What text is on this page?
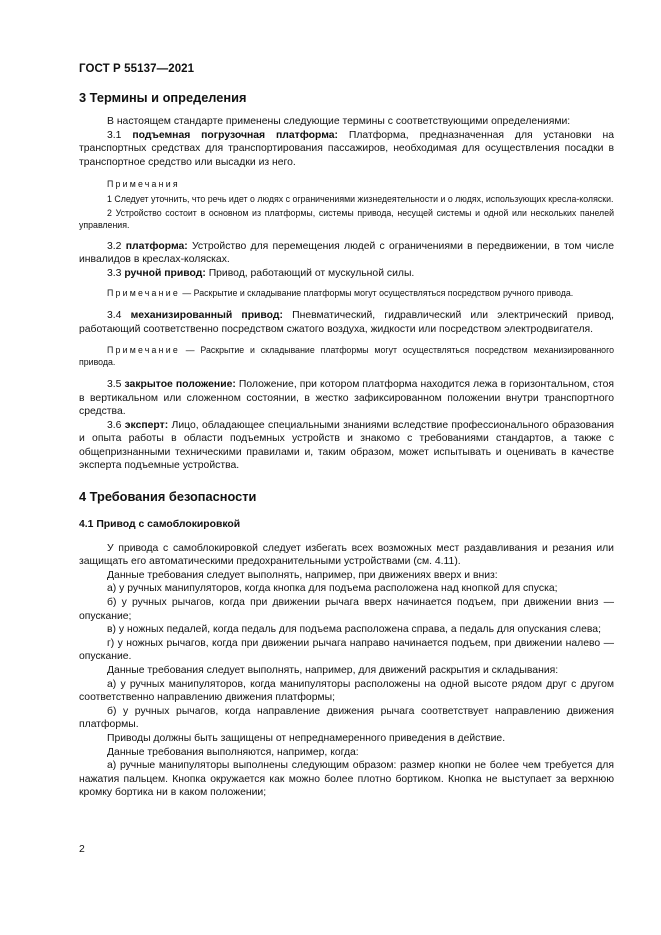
ГОСТ Р 55137—2021

3 Термины и определения

В настоящем стандарте применены следующие термины с соответствующими определениями:

3.1 подъемная погрузочная платформа: Платформа, предназначенная для установки на транспортных средствах для транспортирования пассажиров, необходимая для осуществления посадки в транспортное средство или высадки из него.

Примечания

1 Следует уточнить, что речь идет о людях с ограничениями жизнедеятельности и о людях, использующих кресла-коляски.

2 Устройство состоит в основном из платформы, системы привода, несущей системы и одной или нескольких панелей управления.

3.2 платформа: Устройство для перемещения людей с ограничениями в передвижении, в том числе инвалидов в креслах-колясках.

3.3 ручной привод: Привод, работающий от мускульной силы.

Примечание — Раскрытие и складывание платформы могут осуществляться посредством ручного привода.

3.4 механизированный привод: Пневматический, гидравлический или электрический привод, работающий соответственно посредством сжатого воздуха, жидкости или посредством электродвигателя.

Примечание — Раскрытие и складывание платформы могут осуществляться посредством механизированного привода.

3.5 закрытое положение: Положение, при котором платформа находится лежа в горизонтальном, стоя в вертикальном или сложенном состоянии, в жестко зафиксированном положении внутри транспортного средства.

3.6 эксперт: Лицо, обладающее специальными знаниями вследствие профессионального образования и опыта работы в области подъемных устройств и знакомо с требованиями стандартов, а также с общепризнанными техническими правилами и, таким образом, может испытывать и оценивать в качестве эксперта подъемные устройства.

4 Требования безопасности

4.1 Привод с самоблокировкой

У привода с самоблокировкой следует избегать всех возможных мест раздавливания и резания или защищать его автоматическими предохранительными устройствами (см. 4.11).

Данные требования следует выполнять, например, при движениях вверх и вниз:

а) у ручных манипуляторов, когда кнопка для подъема расположена над кнопкой для спуска;

б) у ручных рычагов, когда при движении рычага вверх начинается подъем, при движении вниз — опускание;

в) у ножных педалей, когда педаль для подъема расположена справа, а педаль для опускания слева;

г) у ножных рычагов, когда при движении рычага направо начинается подъем, при движении налево — опускание.

Данные требования следует выполнять, например, для движений раскрытия и складывания:

а) у ручных манипуляторов, когда манипуляторы расположены на одной высоте рядом друг с другом соответственно направлению движения платформы;

б) у ручных рычагов, когда направление движения рычага соответствует направлению движения платформы.

Приводы должны быть защищены от непреднамеренного приведения в действие.

Данные требования выполняются, например, когда:

а) ручные манипуляторы выполнены следующим образом: размер кнопки не более чем требуется для нажатия пальцем. Кнопка окружается как можно более плотно бортиком. Кнопка не выступает за верхнюю кромку бортика ни в каком положении;

2
